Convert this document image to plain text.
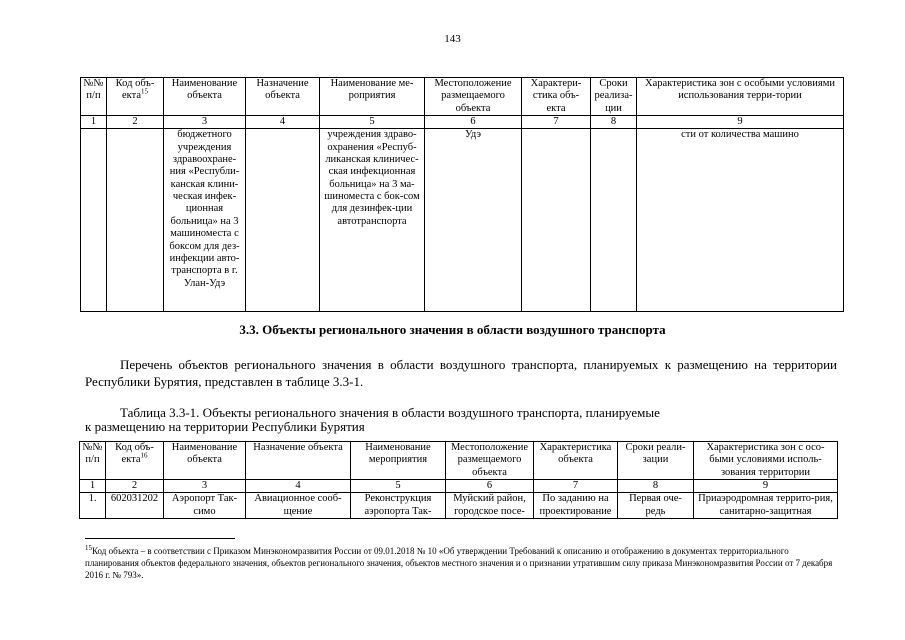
143
№№ п/п	Код объ-екта$^{15}$	Наименование объекта	Назначение объекта	Наименование ме-роприятия	Местоположение размещаемого объекта	Характери-стика объ-екта	Сроки реализа-ции	Характеристика зон с особыми условиями использования терри-тории
1	2	3	4	5	6	7	8	9
		бюджетного учреждения здравоохране-ния «Республи-канская клини-ческая инфек-ционная больница» на 3 машиноместа с боксом для дез-инфекции авто-транспорта в г. Улан-Удэ		учреждения здраво-охранения «Респуб-ликанская клиничес-ская инфекционная больница» на 3 ма-шиноместа с бок-сом для дезинфек-ции автотранспорта	Удэ			сти от количества машино
3.3. Объекты регионального значения в области воздушного транспорта

Перечень объектов регионального значения в области воздушного транспорта, планируемых к размещению на территории Республики Бурятия, представлен в таблице 3.3-1.

Таблица 3.3-1. Объекты регионального значения в области воздушного транспорта, планируемые
к размещению на территории Республики Бурятия
№№ п/п	Код объ-екта$^{16}$	Наименование объекта	Назначение объекта	Наименование мероприятия	Местоположение размещаемого объекта	Характеристика объекта	Сроки реали-зации	Характеристика зон с осо-быми условиями исполь-зования территории
1	2	3	4	5	6	7	8	9
1.	602031202	Аэропорт Так-симо	Авиационное сооб-щение	Реконструкция аэропорта Так-	Муйский район, городское посе-	По заданию на проектирование	Первая оче-редь	Приаэродромная террито-рия, санитарно-защитная
$^{15}$Код объекта – в соответствии с Приказом Минэкономразвития России от 09.01.2018 № 10 «Об утверждении Требований к описанию и отображению в документах территориального планирования объектов федерального значения, объектов регионального значения, объектов местного значения и о признании утратившим силу приказа Минэкономразвития России от 7 декабря 2016 г. № 793».
